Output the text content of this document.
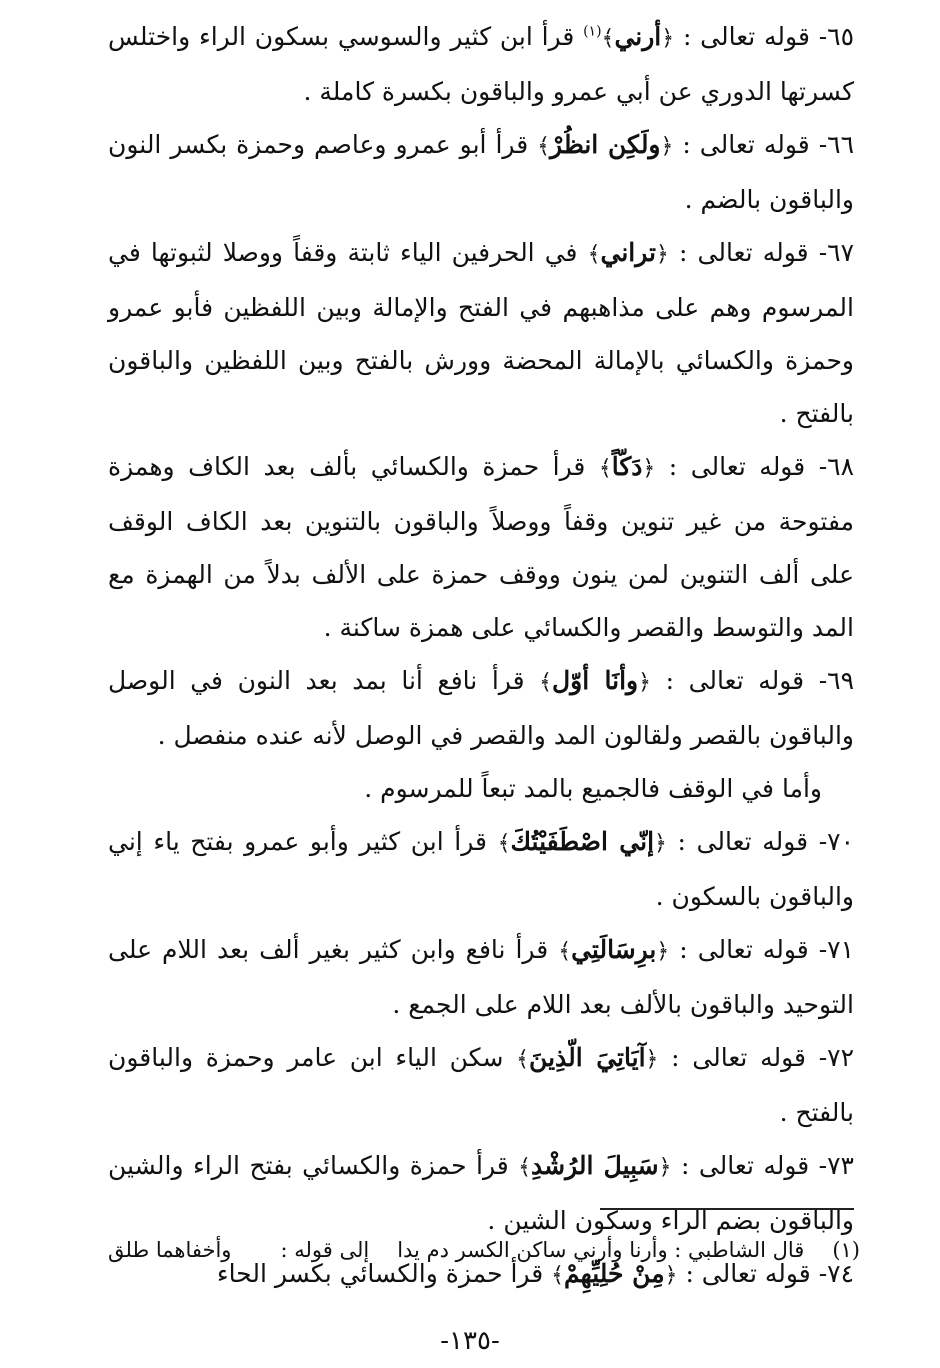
٦٥- قوله تعالى : ﴿أرني﴾$^{(١)}$ قرأ ابن كثير والسوسي بسكون الراء واختلس كسرتها الدوري عن أبي عمرو والباقون بكسرة كاملة .

٦٦- قوله تعالى : ﴿ولَكِن انظُرْ﴾ قرأ أبو عمرو وعاصم وحمزة بكسر النون والباقون بالضم .

٦٧- قوله تعالى : ﴿تراني﴾ في الحرفين الياء ثابتة وقفاً ووصلا لثبوتها في المرسوم وهم على مذاهبهم في الفتح والإمالة وبين اللفظين فأبو عمرو وحمزة والكسائي بالإمالة المحضة وورش بالفتح وبين اللفظين والباقون بالفتح .

٦٨- قوله تعالى : ﴿دَكّاً﴾ قرأ حمزة والكسائي بألف بعد الكاف وهمزة مفتوحة من غير تنوين وقفاً ووصلاً والباقون بالتنوين بعد الكاف الوقف على ألف التنوين لمن ينون ووقف حمزة على الألف بدلاً من الهمزة مع المد والتوسط والقصر والكسائي على همزة ساكنة .

٦٩- قوله تعالى : ﴿وأنَا أوّل﴾ قرأ نافع أنا بمد بعد النون في الوصل والباقون بالقصر ولقالون المد والقصر في الوصل لأنه عنده منفصل .

وأما في الوقف فالجميع بالمد تبعاً للمرسوم .

٧٠- قوله تعالى : ﴿إنّي اصْطَفَيْتُكَ﴾ قرأ ابن كثير وأبو عمرو بفتح ياء إني والباقون بالسكون .

٧١- قوله تعالى : ﴿برِسَالَتِي﴾ قرأ نافع وابن كثير بغير ألف بعد اللام على التوحيد والباقون بالألف بعد اللام على الجمع .

٧٢- قوله تعالى : ﴿آيَاتِيَ الّذِينَ﴾ سكن الياء ابن عامر وحمزة والباقون بالفتح .

٧٣- قوله تعالى : ﴿سَبِيلَ الرُشْدِ﴾ قرأ حمزة والكسائي بفتح الراء والشين والباقون بضم الراء وسكون الشين .

٧٤- قوله تعالى : ﴿مِنْ حُلِيِّهِمْ﴾ قرأ حمزة والكسائي بكسر الحاء

(١)
قال الشاطبي : وأرنا وأرني ساكن الكسر دم يدا
إلى قوله :
وأخفاهما طلق
-١٣٥-
